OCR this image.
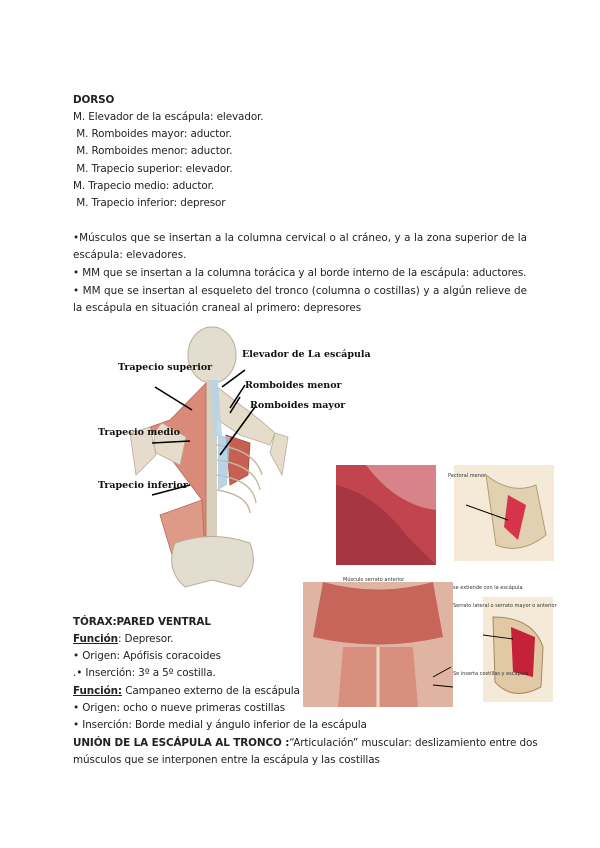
DORSO
M. Elevador de la escápula: elevador.
M. Romboides mayor: aductor.
M. Romboides menor: aductor.
M. Trapecio superior: elevador.
M. Trapecio medio: aductor.
M. Trapecio inferior: depresor
•Músculos que se insertan a la columna cervical o al cráneo, y a la zona superior de la escápula: elevadores.
• MM que se insertan a la columna torácica y al borde interno de la escápula: aductores.
• MM que se insertan al esqueleto del tronco (columna o costillas) y a algún relieve de la escápula en situación craneal al primero: depresores
Trapecio superior
Elevador de La escápula
Romboides menor
Romboides mayor
Trapecio medio
Trapecio inferior
Pectoral menor
Músculo serrato anterior
se extiende con la escápula
Serrato lateral o serrato mayor o anterior
Se inserta costillas y escápula
TÓRAX:PARED VENTRAL
Función: Depresor.
• Origen: Apófisis coracoides
.• Inserción: 3º a 5º costilla.
Función: Campaneo externo de la escápula
• Origen: ocho o nueve primeras costillas
• Inserción: Borde medial y ángulo inferior de la escápula
UNIÓN DE LA ESCÁPULA AL TRONCO :“Articulación” muscular: deslizamiento entre dos
músculos que se interponen entre la escápula y las costillas
